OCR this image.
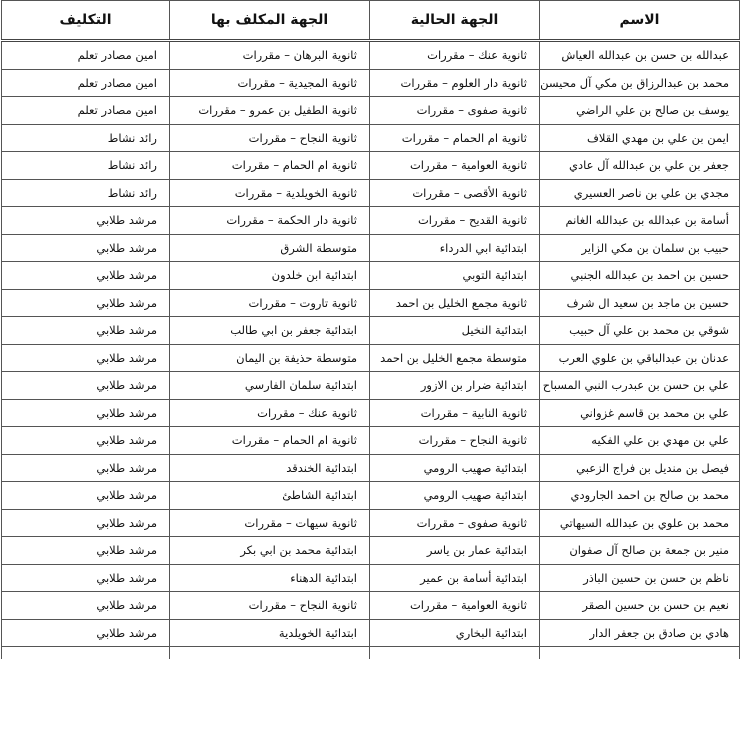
الاسم	الجهة الحالية	الجهة المكلف بها	التكليف
عبدالله بن حسن بن عبدالله العياش	ثانوية عنك – مقررات	ثانوية البرهان – مقررات	امين مصادر تعلم
محمد بن عبدالرزاق بن مكي آل محيسن	ثانوية دار العلوم – مقررات	ثانوية المجيدية – مقررات	امين مصادر تعلم
يوسف بن صالح بن علي الراضي	ثانوية صفوى – مقررات	ثانوية الطفيل بن عمرو – مقررات	امين مصادر تعلم
ايمن بن علي بن مهدي القلاف	ثانوية ام الحمام – مقررات	ثانوية النجاح – مقررات	رائد نشاط
جعفر بن علي بن عبدالله آل عادي	ثانوية العوامية – مقررات	ثانوية ام الحمام – مقررات	رائد نشاط
مجدي بن علي بن ناصر العسيري	ثانوية الأقصى – مقررات	ثانوية الخويلدية – مقررات	رائد نشاط
أسامة بن عبدالله بن عبدالله الغانم	ثانوية القديح – مقررات	ثانوية دار الحكمة – مقررات	مرشد طلابي
حبيب بن سلمان بن مكي الزاير	ابتدائية ابي الدرداء	متوسطة الشرق	مرشد طلابي
حسين بن احمد بن عبدالله الجنبي	ابتدائية التوبي	ابتدائية ابن خلدون	مرشد طلابي
حسين بن ماجد بن سعيد ال شرف	ثانوية مجمع الخليل بن احمد	ثانوية تاروت – مقررات	مرشد طلابي
شوقي بن محمد بن علي آل حبيب	ابتدائية النخيل	ابتدائية جعفر بن ابي طالب	مرشد طلابي
عدنان بن عبدالباقي بن علوي العرب	متوسطة مجمع الخليل بن احمد	متوسطة حذيفة بن اليمان	مرشد طلابي
علي بن حسن بن عبدرب النبي المسباح	ابتدائية ضرار بن الازور	ابتدائية سلمان الفارسي	مرشد طلابي
علي بن محمد بن قاسم غزواني	ثانوية النابية – مقررات	ثانوية عنك – مقررات	مرشد طلابي
علي بن مهدي بن علي الفكيه	ثانوية النجاح – مقررات	ثانوية ام الحمام – مقررات	مرشد طلابي
فيصل بن منديل بن فراج الزعبي	ابتدائية صهيب الرومي	ابتدائية الخندقد	مرشد طلابي
محمد بن صالح بن احمد الجارودي	ابتدائية صهيب الرومي	ابتدائية الشاطئ	مرشد طلابي
محمد بن علوي بن عبدالله السيهاتي	ثانوية صفوى – مقررات	ثانوية سيهات – مقررات	مرشد طلابي
منير بن جمعة بن صالح آل صفوان	ابتدائية عمار بن ياسر	ابتدائية محمد بن ابي بكر	مرشد طلابي
ناظم بن حسن بن حسين الباذر	ابتدائية أسامة بن عمير	ابتدائية الدهناء	مرشد طلابي
نعيم بن حسن بن حسين الصقر	ثانوية العوامية – مقررات	ثانوية النجاح – مقررات	مرشد طلابي
هادي بن صادق بن جعفر الدار	ابتدائية البخاري	ابتدائية الخويلدية	مرشد طلابي
